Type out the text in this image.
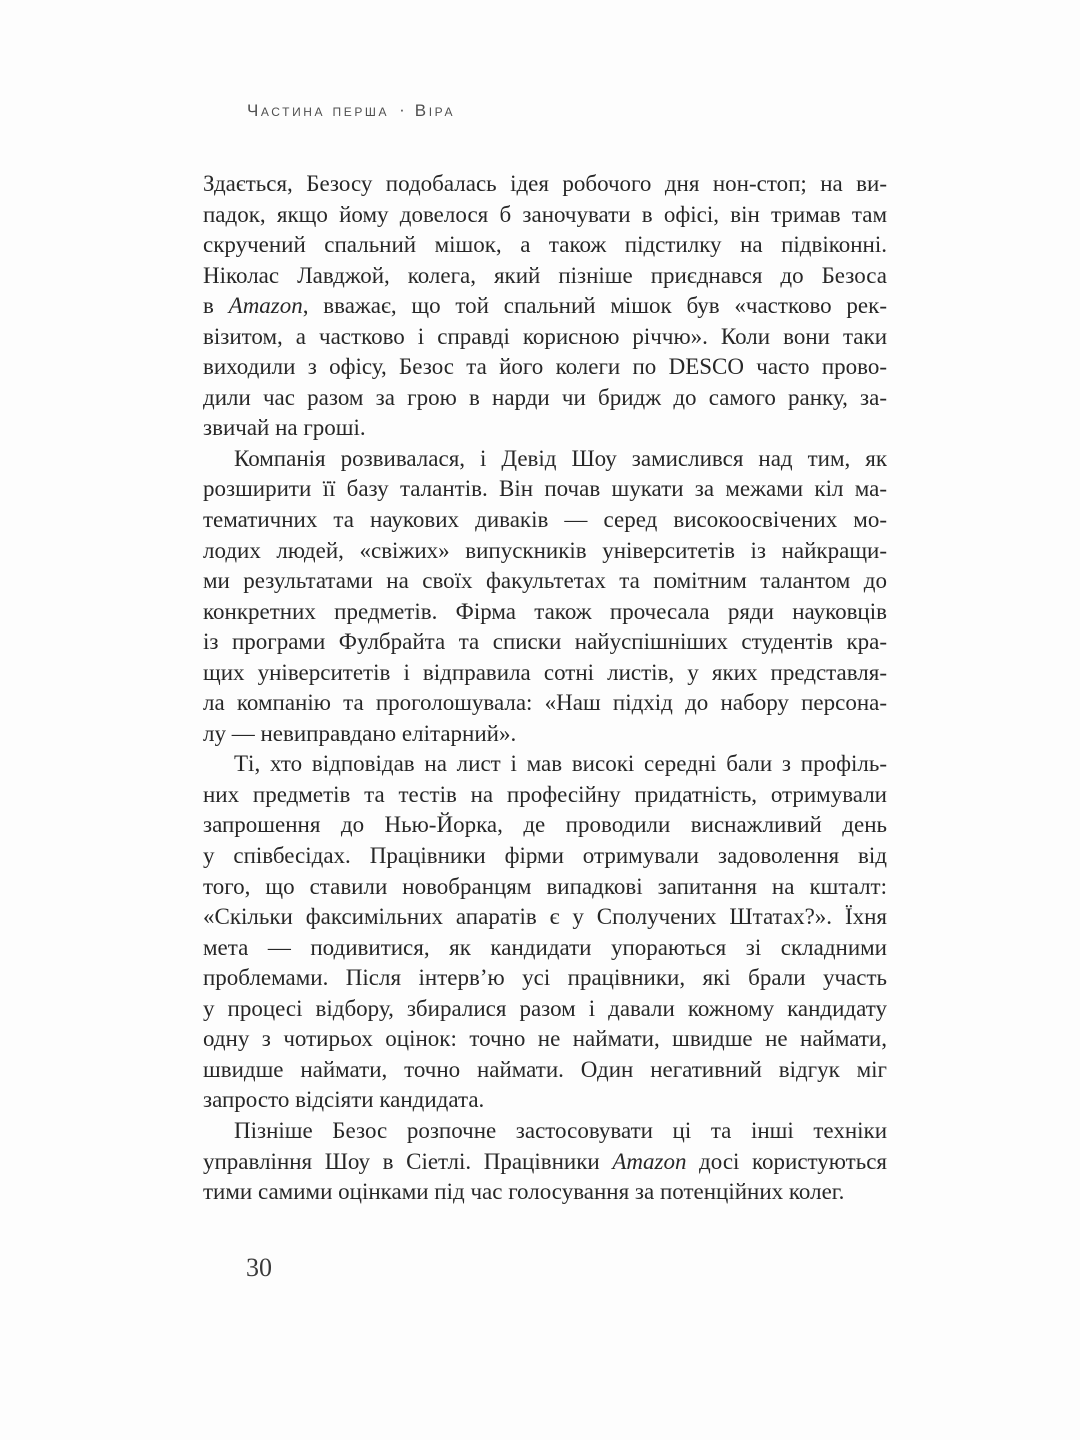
Частина перша · Віра
Здається, Безосу подобалась ідея робочого дня нон-стоп; на ви-
падок, якщо йому довелося б заночувати в офісі, він тримав там
скручений спальний мішок, а також підстилку на підвіконні.
Ніколас Лавджой, колега, який пізніше приєднався до Безоса
в Amazon, вважає, що той спальний мішок був «частково рек-
візитом, а частково і справді корисною річчю». Коли вони таки
виходили з офісу, Безос та його колеги по DESCO часто прово-
дили час разом за грою в нарди чи бридж до самого ранку, за-
звичай на гроші.
Компанія розвивалася, і Девід Шоу замислився над тим, як
розширити її базу талантів. Він почав шукати за межами кіл ма-
тематичних та наукових диваків — серед високоосвічених мо-
лодих людей, «свіжих» випускників університетів із найкращи-
ми результатами на своїх факультетах та помітним талантом до
конкретних предметів. Фірма також прочесала ряди науковців
із програми Фулбрайта та списки найуспішніших студентів кра-
щих університетів і відправила сотні листів, у яких представля-
ла компанію та проголошувала: «Наш підхід до набору персона-
лу — невиправдано елітарний».
Ті, хто відповідав на лист і мав високі середні бали з профіль-
них предметів та тестів на професійну придатність, отримували
запрошення до Нью-Йорка, де проводили виснажливий день
у співбесідах. Працівники фірми отримували задоволення від
того, що ставили новобранцям випадкові запитання на кшталт:
«Скільки факсимільних апаратів є у Сполучених Штатах?». Їхня
мета — подивитися, як кандидати упораються зі складними
проблемами. Після інтерв’ю усі працівники, які брали участь
у процесі відбору, збиралися разом і давали кожному кандидату
одну з чотирьох оцінок: точно не наймати, швидше не наймати,
швидше наймати, точно наймати. Один негативний відгук міг
запросто відсіяти кандидата.
Пізніше Безос розпочне застосовувати ці та інші техніки
управління Шоу в Сіетлі. Працівники Amazon досі користуються
тими самими оцінками під час голосування за потенційних колег.
30
